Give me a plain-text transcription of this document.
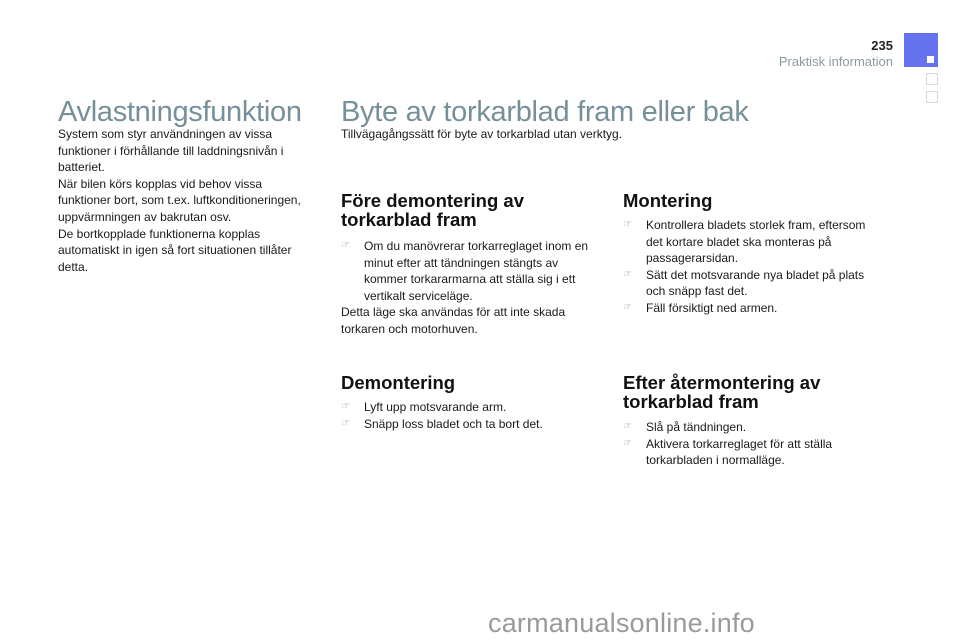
235
Praktisk information
Avlastningsfunktion
System som styr användningen av vissa funktioner i förhållande till laddningsnivån i batteriet.
När bilen körs kopplas vid behov vissa funktioner bort, som t.ex. luftkonditioneringen, uppvärmningen av bakrutan osv.
De bortkopplade funktionerna kopplas automatiskt in igen så fort situationen tillåter detta.
Byte av torkarblad fram eller bak
Tillvägagångssätt för byte av torkarblad utan verktyg.
Före demontering av torkarblad fram
☞ Om du manövrerar torkarreglaget inom en minut efter att tändningen stängts av kommer torkararmarna att ställa sig i ett vertikalt serviceläge.
Detta läge ska användas för att inte skada torkaren och motorhuven.
Montering
☞ Kontrollera bladets storlek fram, eftersom det kortare bladet ska monteras på passagerarsidan.
☞ Sätt det motsvarande nya bladet på plats och snäpp fast det.
☞ Fäll försiktigt ned armen.
Demontering
☞ Lyft upp motsvarande arm.
☞ Snäpp loss bladet och ta bort det.
Efter återmontering av torkarblad fram
☞ Slå på tändningen.
☞ Aktivera torkarreglaget för att ställa torkarbladen i normalläge.
carmanualsonline.info
